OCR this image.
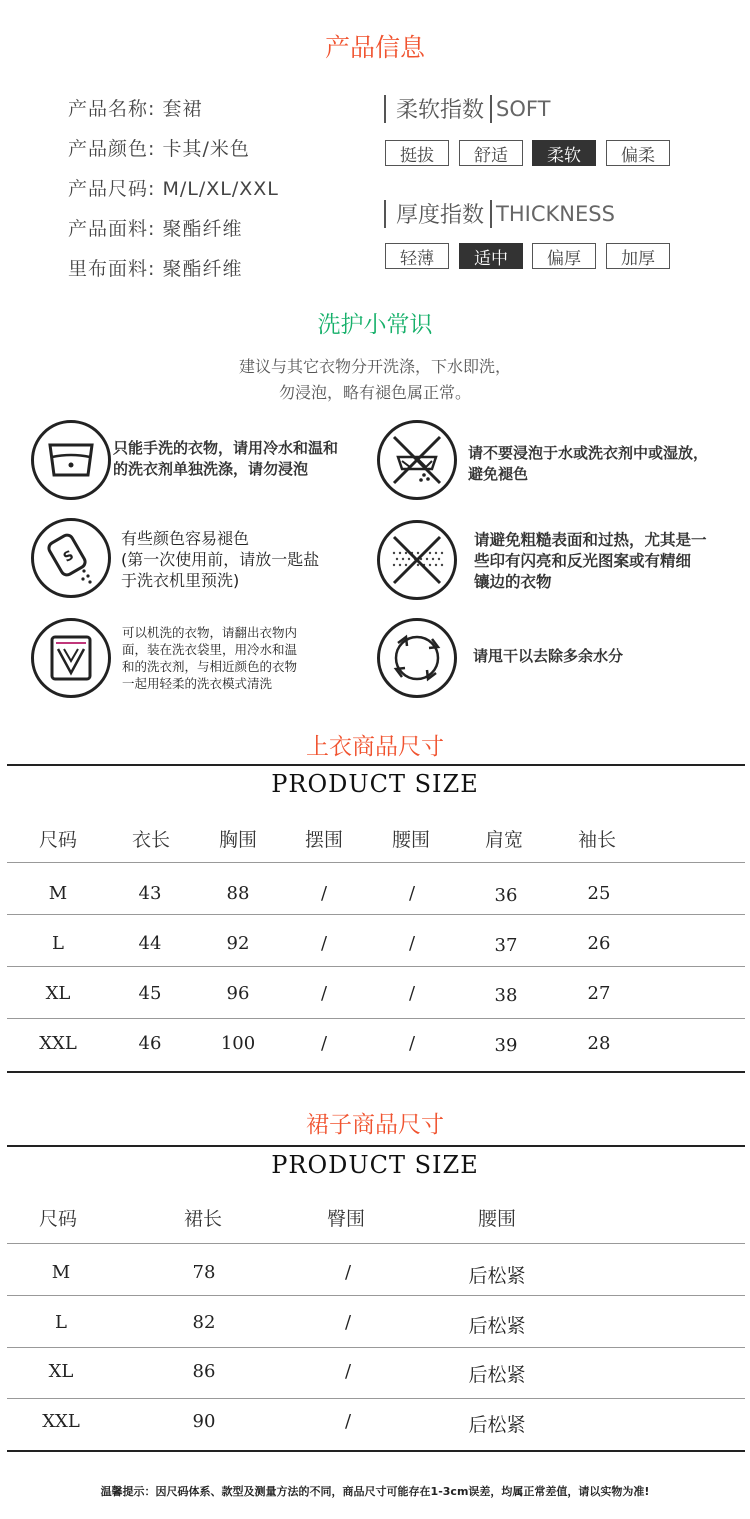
产品信息
产品名称: 套裙
产品颜色: 卡其/米色
产品尺码: M/L/XL/XXL
产品面料: 聚酯纤维
里布面料: 聚酯纤维
柔软指数 SOFT
挺拔	舒适	柔软	偏柔
厚度指数 THICKNESS
轻薄	适中	偏厚	加厚
洗护小常识
建议与其它衣物分开洗涤，下水即洗，
勿浸泡，略有褪色属正常。
只能手洗的衣物，请用冷水和温和
的洗衣剂单独洗涤，请勿浸泡
请不要浸泡于水或洗衣剂中或湿放，
避免褪色
S
有些颜色容易褪色
(第一次使用前，请放一匙盐
于洗衣机里预洗)
请避免粗糙表面和过热，尤其是一
些印有闪亮和反光图案或有精细
镶边的衣物
可以机洗的衣物，请翻出衣物内
面，装在洗衣袋里，用冷水和温
和的洗衣剂，与相近颜色的衣物
一起用轻柔的洗衣模式清洗
请甩干以去除多余水分
上衣商品尺寸
PRODUCT SIZE
尺码	衣长	胸围	摆围	腰围	肩宽	袖长
M	43	88	/	/	36	25
L	44	92	/	/	37	26
XL	45	96	/	/	38	27
XXL	46	100	/	/	39	28
裙子商品尺寸
PRODUCT SIZE
尺码	裙长	臀围	腰围
M	78	/	后松紧
L	82	/	后松紧
XL	86	/	后松紧
XXL	90	/	后松紧
温馨提示：因尺码体系、款型及测量方法的不同，商品尺寸可能存在1-3cm误差，均属正常差值，请以实物为准!
